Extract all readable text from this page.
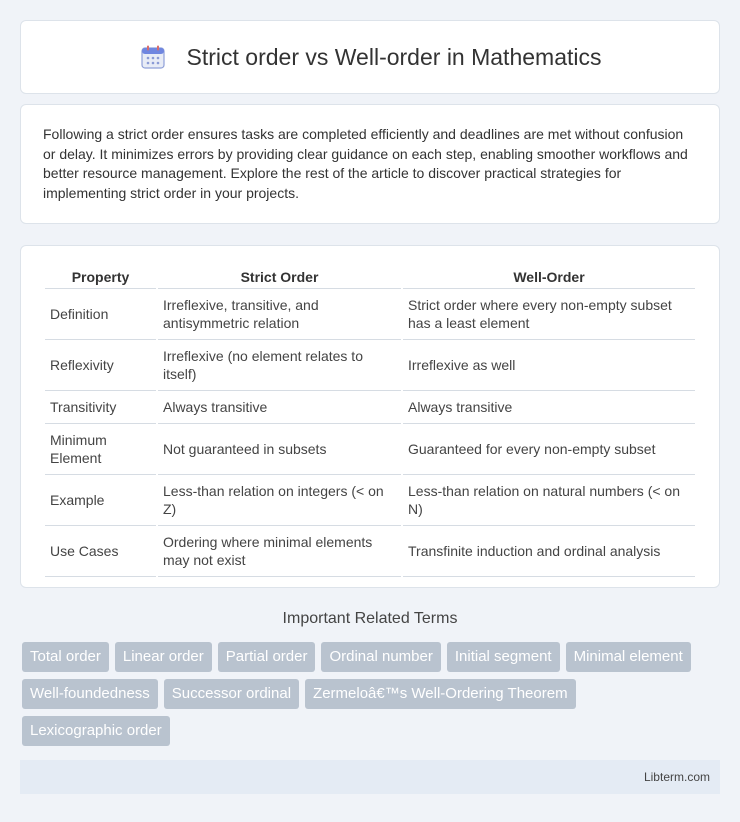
Strict order vs Well-order in Mathematics

Following a strict order ensures tasks are completed efficiently and deadlines are met without confusion or delay. It minimizes errors by providing clear guidance on each step, enabling smoother workflows and better resource management. Explore the rest of the article to discover practical strategies for implementing strict order in your projects.

Property	Strict Order	Well-Order
Definition	Irreflexive, transitive, and antisymmetric relation	Strict order where every non-empty subset has a least element
Reflexivity	Irreflexive (no element relates to itself)	Irreflexive as well
Transitivity	Always transitive	Always transitive
Minimum Element	Not guaranteed in subsets	Guaranteed for every non-empty subset
Example	Less-than relation on integers (< on Z)	Less-than relation on natural numbers (< on N)
Use Cases	Ordering where minimal elements may not exist	Transfinite induction and ordinal analysis
Important Related Terms
Total order	Linear order	Partial order	Ordinal number	Initial segment	Minimal element
Well-foundedness	Successor ordinal	Zermeloâ€™s Well-Ordering Theorem
Lexicographic order
Libterm.com
